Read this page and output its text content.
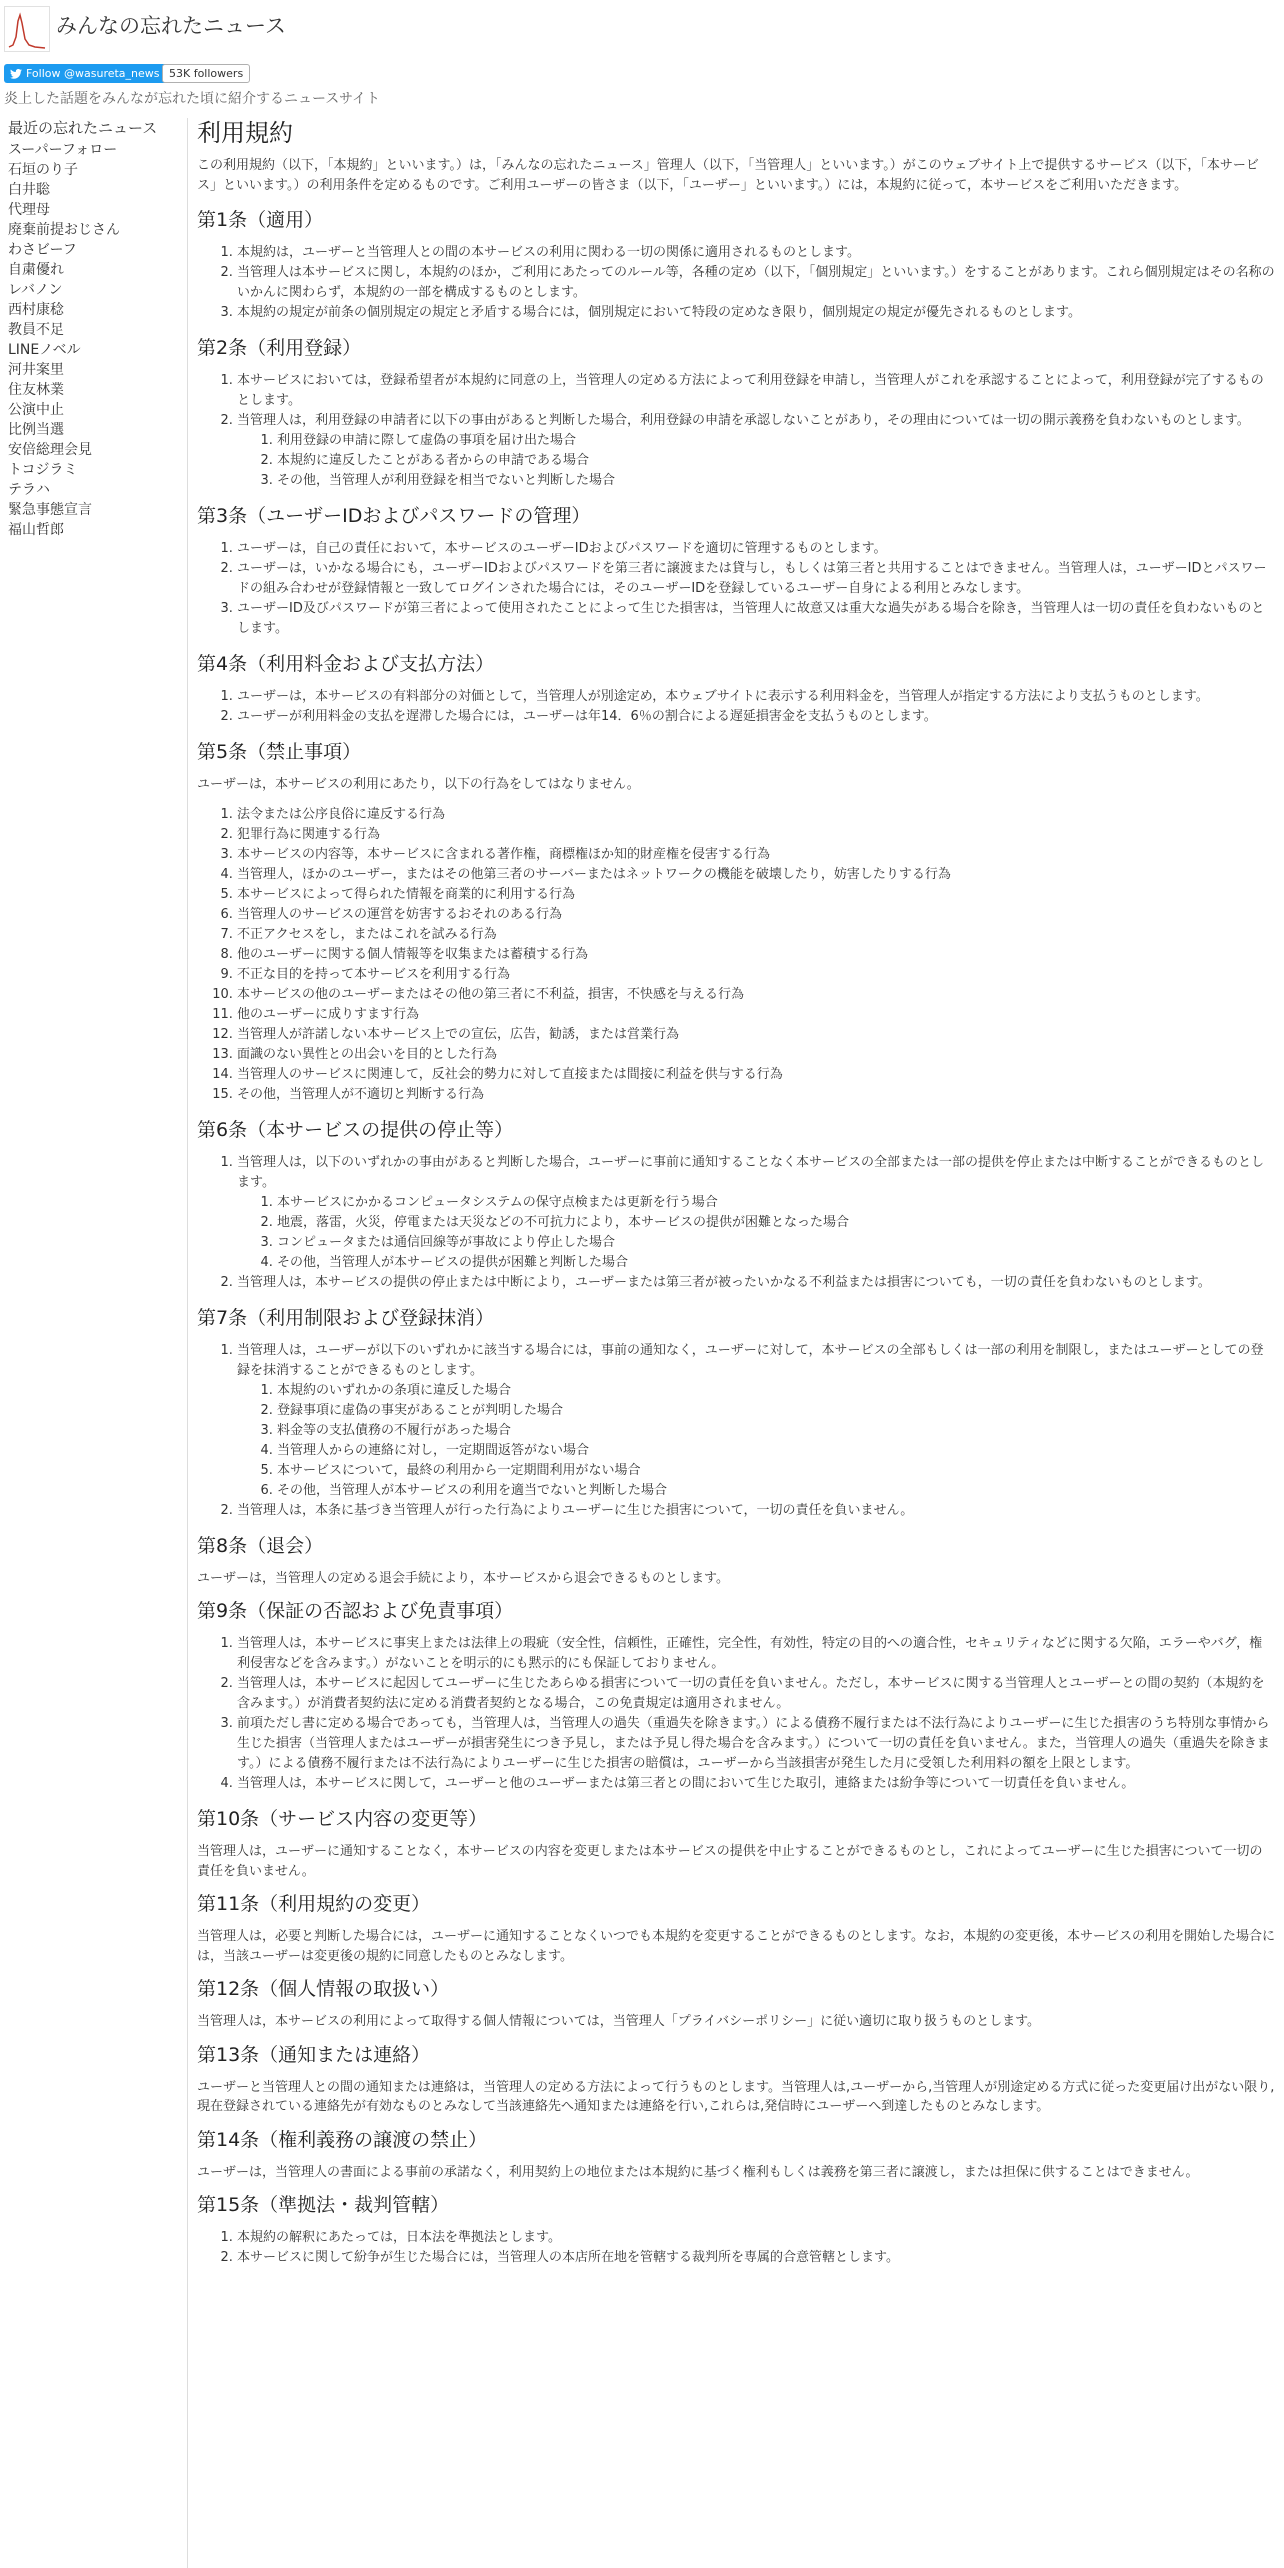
みんなの忘れたニュース
Follow @wasureta_news 53K followers
炎上した話題をみんなが忘れた頃に紹介するニュースサイト
最近の忘れたニュース
スーパーフォロー
石垣のり子
白井聡
代理母
廃棄前提おじさん
わさビーフ
自粛優れ
レバノン
西村康稔
教員不足
LINEノベル
河井案里
住友林業
公演中止
比例当選
安倍総理会見
トコジラミ
テラハ
緊急事態宣言
福山哲郎
利用規約

この利用規約（以下，「本規約」といいます。）は，「みんなの忘れたニュース」管理人（以下，「当管理人」といいます。）がこのウェブサイト上で提供するサービス（以下，「本サービス」といいます。）の利用条件を定めるものです。ご利用ユーザーの皆さま（以下，「ユーザー」といいます。）には，本規約に従って，本サービスをご利用いただきます。

第1条（適用）
1. 本規約は，ユーザーと当管理人との間の本サービスの利用に関わる一切の関係に適用されるものとします。
2. 当管理人は本サービスに関し，本規約のほか，ご利用にあたってのルール等，各種の定め（以下，「個別規定」といいます。）をすることがあります。これら個別規定はその名称のいかんに関わらず，本規約の一部を構成するものとします。
3. 本規約の規定が前条の個別規定の規定と矛盾する場合には，個別規定において特段の定めなき限り，個別規定の規定が優先されるものとします。
第2条（利用登録）
1. 本サービスにおいては，登録希望者が本規約に同意の上，当管理人の定める方法によって利用登録を申請し，当管理人がこれを承認することによって，利用登録が完了するものとします。
2. 当管理人は，利用登録の申請者に以下の事由があると判断した場合，利用登録の申請を承認しないことがあり，その理由については一切の開示義務を負わないものとします。
1. 利用登録の申請に際して虚偽の事項を届け出た場合
2. 本規約に違反したことがある者からの申請である場合
3. その他，当管理人が利用登録を相当でないと判断した場合
第3条（ユーザーIDおよびパスワードの管理）
1. ユーザーは，自己の責任において，本サービスのユーザーIDおよびパスワードを適切に管理するものとします。
2. ユーザーは，いかなる場合にも，ユーザーIDおよびパスワードを第三者に譲渡または貸与し，もしくは第三者と共用することはできません。当管理人は，ユーザーIDとパスワードの組み合わせが登録情報と一致してログインされた場合には，そのユーザーIDを登録しているユーザー自身による利用とみなします。
3. ユーザーID及びパスワードが第三者によって使用されたことによって生じた損害は，当管理人に故意又は重大な過失がある場合を除き，当管理人は一切の責任を負わないものとします。
第4条（利用料金および支払方法）
1. ユーザーは，本サービスの有料部分の対価として，当管理人が別途定め，本ウェブサイトに表示する利用料金を，当管理人が指定する方法により支払うものとします。
2. ユーザーが利用料金の支払を遅滞した場合には，ユーザーは年14．6％の割合による遅延損害金を支払うものとします。
第5条（禁止事項）

ユーザーは，本サービスの利用にあたり，以下の行為をしてはなりません。

1. 法令または公序良俗に違反する行為
2. 犯罪行為に関連する行為
3. 本サービスの内容等，本サービスに含まれる著作権，商標権ほか知的財産権を侵害する行為
4. 当管理人，ほかのユーザー，またはその他第三者のサーバーまたはネットワークの機能を破壊したり，妨害したりする行為
5. 本サービスによって得られた情報を商業的に利用する行為
6. 当管理人のサービスの運営を妨害するおそれのある行為
7. 不正アクセスをし，またはこれを試みる行為
8. 他のユーザーに関する個人情報等を収集または蓄積する行為
9. 不正な目的を持って本サービスを利用する行為
10. 本サービスの他のユーザーまたはその他の第三者に不利益，損害，不快感を与える行為
11. 他のユーザーに成りすます行為
12. 当管理人が許諾しない本サービス上での宣伝，広告，勧誘，または営業行為
13. 面識のない異性との出会いを目的とした行為
14. 当管理人のサービスに関連して，反社会的勢力に対して直接または間接に利益を供与する行為
15. その他，当管理人が不適切と判断する行為
第6条（本サービスの提供の停止等）
1. 当管理人は，以下のいずれかの事由があると判断した場合，ユーザーに事前に通知することなく本サービスの全部または一部の提供を停止または中断することができるものとします。
1. 本サービスにかかるコンピュータシステムの保守点検または更新を行う場合
2. 地震，落雷，火災，停電または天災などの不可抗力により，本サービスの提供が困難となった場合
3. コンピュータまたは通信回線等が事故により停止した場合
4. その他，当管理人が本サービスの提供が困難と判断した場合
2. 当管理人は，本サービスの提供の停止または中断により，ユーザーまたは第三者が被ったいかなる不利益または損害についても，一切の責任を負わないものとします。
第7条（利用制限および登録抹消）
1. 当管理人は，ユーザーが以下のいずれかに該当する場合には，事前の通知なく，ユーザーに対して，本サービスの全部もしくは一部の利用を制限し，またはユーザーとしての登録を抹消することができるものとします。
1. 本規約のいずれかの条項に違反した場合
2. 登録事項に虚偽の事実があることが判明した場合
3. 料金等の支払債務の不履行があった場合
4. 当管理人からの連絡に対し，一定期間返答がない場合
5. 本サービスについて，最終の利用から一定期間利用がない場合
6. その他，当管理人が本サービスの利用を適当でないと判断した場合
2. 当管理人は，本条に基づき当管理人が行った行為によりユーザーに生じた損害について，一切の責任を負いません。
第8条（退会）

ユーザーは，当管理人の定める退会手続により，本サービスから退会できるものとします。

第9条（保証の否認および免責事項）
1. 当管理人は，本サービスに事実上または法律上の瑕疵（安全性，信頼性，正確性，完全性，有効性，特定の目的への適合性，セキュリティなどに関する欠陥，エラーやバグ，権利侵害などを含みます。）がないことを明示的にも黙示的にも保証しておりません。
2. 当管理人は，本サービスに起因してユーザーに生じたあらゆる損害について一切の責任を負いません。ただし，本サービスに関する当管理人とユーザーとの間の契約（本規約を含みます。）が消費者契約法に定める消費者契約となる場合，この免責規定は適用されません。
3. 前項ただし書に定める場合であっても，当管理人は，当管理人の過失（重過失を除きます。）による債務不履行または不法行為によりユーザーに生じた損害のうち特別な事情から生じた損害（当管理人またはユーザーが損害発生につき予見し，または予見し得た場合を含みます。）について一切の責任を負いません。また，当管理人の過失（重過失を除きます。）による債務不履行または不法行為によりユーザーに生じた損害の賠償は，ユーザーから当該損害が発生した月に受領した利用料の額を上限とします。
4. 当管理人は，本サービスに関して，ユーザーと他のユーザーまたは第三者との間において生じた取引，連絡または紛争等について一切責任を負いません。
第10条（サービス内容の変更等）

当管理人は，ユーザーに通知することなく，本サービスの内容を変更しまたは本サービスの提供を中止することができるものとし，これによってユーザーに生じた損害について一切の責任を負いません。

第11条（利用規約の変更）

当管理人は，必要と判断した場合には，ユーザーに通知することなくいつでも本規約を変更することができるものとします。なお，本規約の変更後，本サービスの利用を開始した場合には，当該ユーザーは変更後の規約に同意したものとみなします。

第12条（個人情報の取扱い）

当管理人は，本サービスの利用によって取得する個人情報については，当管理人「プライバシーポリシー」に従い適切に取り扱うものとします。

第13条（通知または連絡）

ユーザーと当管理人との間の通知または連絡は，当管理人の定める方法によって行うものとします。当管理人は,ユーザーから,当管理人が別途定める方式に従った変更届け出がない限り,現在登録されている連絡先が有効なものとみなして当該連絡先へ通知または連絡を行い,これらは,発信時にユーザーへ到達したものとみなします。

第14条（権利義務の譲渡の禁止）

ユーザーは，当管理人の書面による事前の承諾なく，利用契約上の地位または本規約に基づく権利もしくは義務を第三者に譲渡し，または担保に供することはできません。

第15条（準拠法・裁判管轄）
1. 本規約の解釈にあたっては，日本法を準拠法とします。
2. 本サービスに関して紛争が生じた場合には，当管理人の本店所在地を管轄する裁判所を専属的合意管轄とします。
